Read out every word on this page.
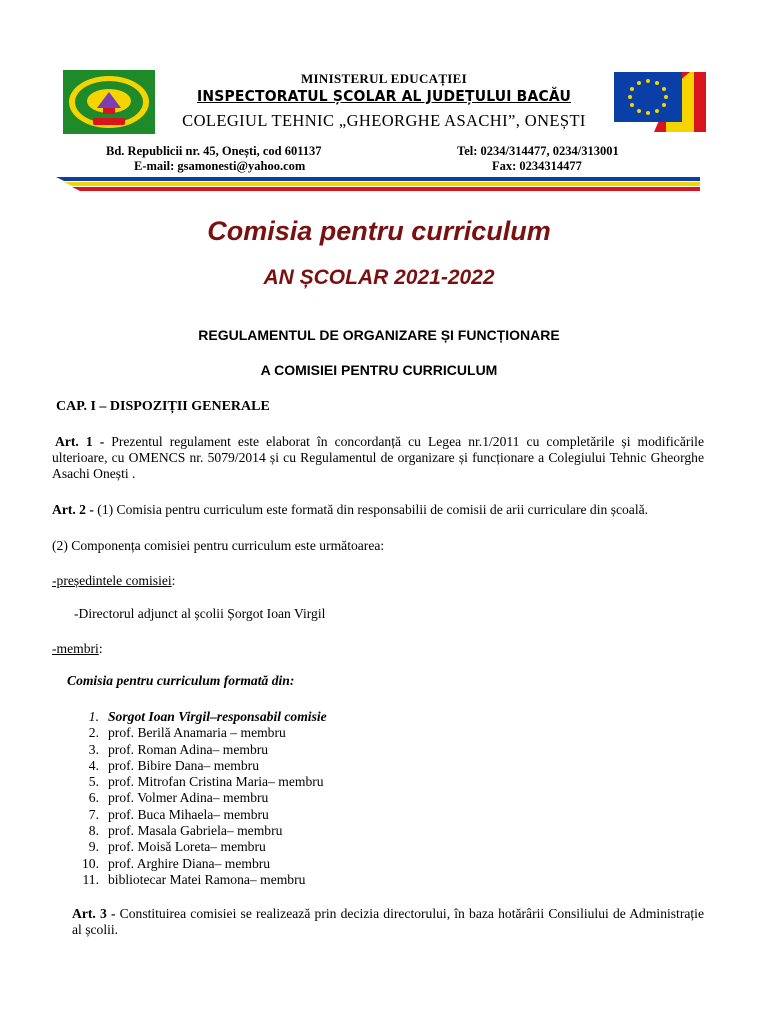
MINISTERUL EDUCAȚIEI
INSPECTORATUL ȘCOLAR AL JUDEȚULUI BACĂU
COLEGIUL TEHNIC „GHEORGHE ASACHI”, ONEȘTI
Bd. Republicii nr. 45, Onești, cod 601137
E-mail: gsamonesti@yahoo.com
Tel: 0234/314477, 0234/313001
Fax: 0234314477
Comisia pentru curriculum
AN ȘCOLAR 2021-2022
REGULAMENTUL DE ORGANIZARE ȘI FUNCȚIONARE
A COMISIEI PENTRU CURRICULUM
CAP. I – DISPOZIȚII GENERALE
Art. 1 - Prezentul regulament este elaborat în concordanță cu Legea nr.1/2011 cu completările și modificările ulterioare, cu OMENCS nr. 5079/2014 și cu Regulamentul de organizare și funcționare a Colegiului Tehnic Gheorghe Asachi Onești .
Art. 2 - (1) Comisia pentru curriculum este formată din responsabilii de comisii de arii curriculare din școală.
(2) Componența comisiei pentru curriculum este următoarea:
-președintele comisiei:
-Directorul adjunct al școlii Șorgot Ioan Virgil
-membri:
Comisia pentru curriculum formată din:
1. Sorgot Ioan Virgil–responsabil comisie
2. prof. Berilă Anamaria – membru
3. prof. Roman Adina– membru
4. prof. Bibire Dana– membru
5. prof. Mitrofan Cristina Maria– membru
6. prof. Volmer Adina– membru
7. prof. Buca Mihaela– membru
8. prof. Masala Gabriela– membru
9. prof. Moisă Loreta– membru
10. prof. Arghire Diana– membru
11. bibliotecar Matei Ramona– membru
Art. 3 - Constituirea comisiei se realizează prin decizia directorului, în baza hotărârii Consiliului de Administrație al școlii.
